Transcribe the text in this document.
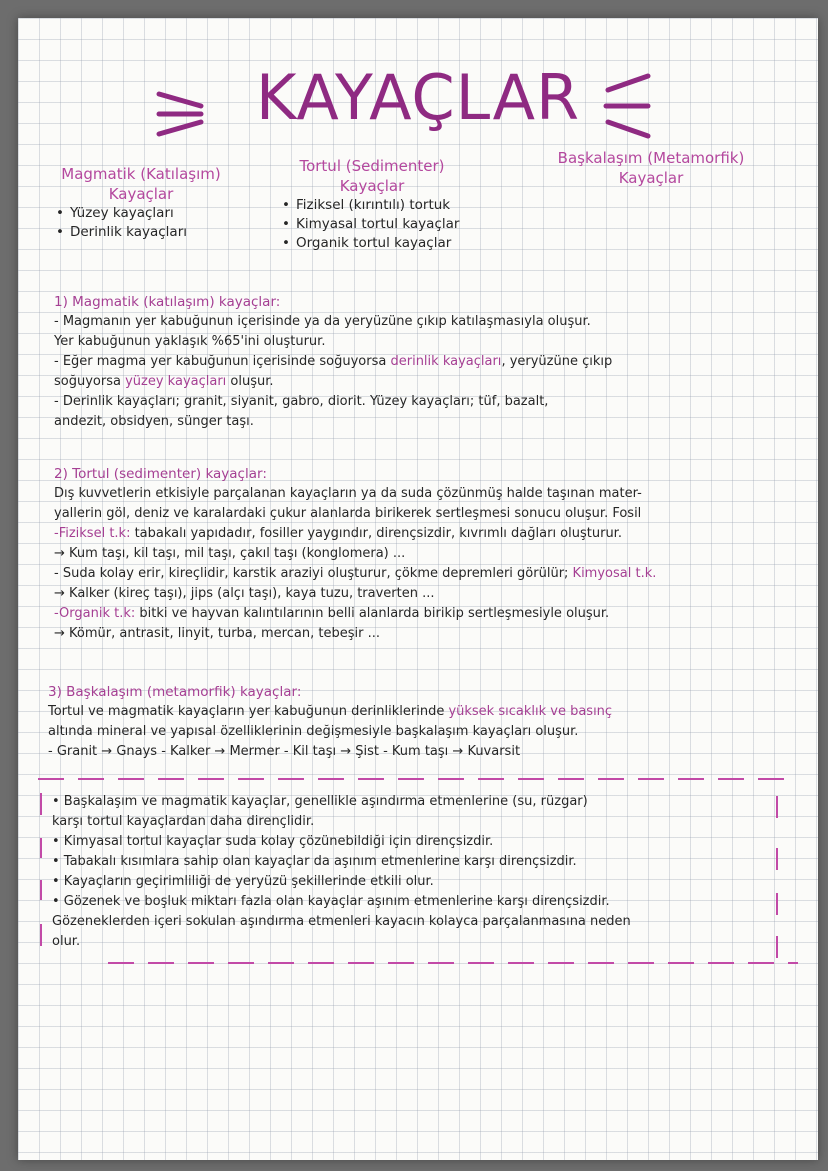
KAYAÇLAR
Magmatik (Katılaşım)
Kayaçlar
• Yüzey kayaçları
• Derinlik kayaçları
Tortul (Sedimenter)
Kayaçlar
• Fiziksel (kırıntılı) tortuk
• Kimyasal tortul kayaçlar
• Organik tortul kayaçlar
Başkalaşım (Metamorfik)
Kayaçlar
1) Magmatik (katılaşım) kayaçlar:
- Magmanın yer kabuğunun içerisinde ya da yeryüzüne çıkıp katılaşmasıyla oluşur.
Yer kabuğunun yaklaşık %65'ini oluşturur.
- Eğer magma yer kabuğunun içerisinde soğuyorsa derinlik kayaçları, yeryüzüne çıkıp
soğuyorsa yüzey kayaçları oluşur.
- Derinlik kayaçları; granit, siyanit, gabro, diorit. Yüzey kayaçları; tüf, bazalt,
andezit, obsidyen, sünger taşı.
2) Tortul (sedimenter) kayaçlar:
Dış kuvvetlerin etkisiyle parçalanan kayaçların ya da suda çözünmüş halde taşınan mater-
yallerin göl, deniz ve karalardaki çukur alanlarda birikerek sertleşmesi sonucu oluşur. Fosil
-Fiziksel t.k: tabakalı yapıdadır, fosiller yaygındır, dirençsizdir, kıvrımlı dağları oluşturur.
→ Kum taşı, kil taşı, mil taşı, çakıl taşı (konglomera) ...
- Suda kolay erir, kireçlidir, karstik araziyi oluşturur, çökme depremleri görülür; Kimyosal t.k.
→ Kalker (kireç taşı), jips (alçı taşı), kaya tuzu, traverten ...
-Organik t.k: bitki ve hayvan kalıntılarının belli alanlarda birikip sertleşmesiyle oluşur.
→ Kömür, antrasit, linyit, turba, mercan, tebeşir ...
3) Başkalaşım (metamorfik) kayaçlar:
Tortul ve magmatik kayaçların yer kabuğunun derinliklerinde yüksek sıcaklık ve basınç
altında mineral ve yapısal özelliklerinin değişmesiyle başkalaşım kayaçları oluşur.
- Granit → Gnays - Kalker → Mermer - Kil taşı → Şist - Kum taşı → Kuvarsit
• Başkalaşım ve magmatik kayaçlar, genellikle aşındırma etmenlerine (su, rüzgar)
karşı tortul kayaçlardan daha dirençlidir.
• Kimyasal tortul kayaçlar suda kolay çözünebildiği için dirençsizdir.
• Tabakalı kısımlara sahip olan kayaçlar da aşınım etmenlerine karşı dirençsizdir.
• Kayaçların geçirimliliği de yeryüzü şekillerinde etkili olur.
• Gözenek ve boşluk miktarı fazla olan kayaçlar aşınım etmenlerine karşı dirençsizdir.
Gözeneklerden içeri sokulan aşındırma etmenleri kayacın kolayca parçalanmasına neden
olur.
